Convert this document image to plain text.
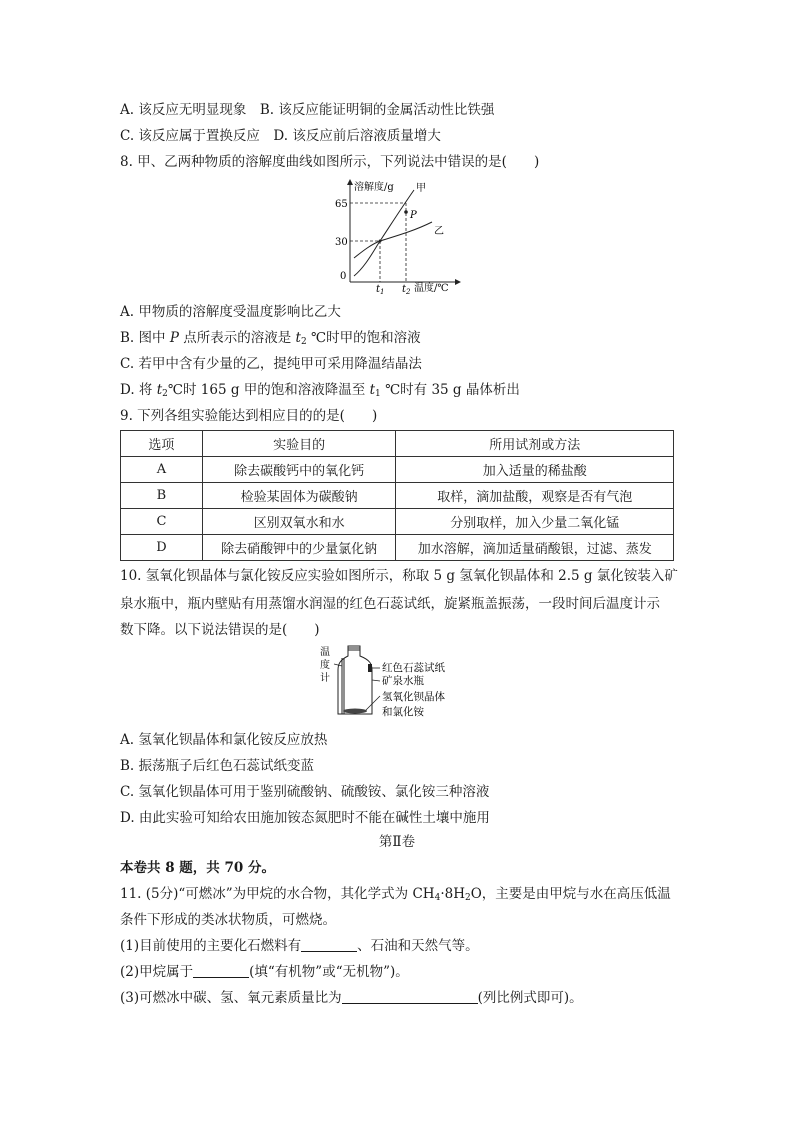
A. 该反应无明显现象　B. 该反应能证明铜的金属活动性比铁强
C. 该反应属于置换反应　D. 该反应前后溶液质量增大
8. 甲、乙两种物质的溶解度曲线如图所示，下列说法中错误的是(　　)
溶解度/g
0
65
30
P
甲
乙
$t_1$ $t_2$ 温度/℃
A. 甲物质的溶解度受温度影响比乙大
B. 图中 P 点所表示的溶液是 $t_2$ ℃时甲的饱和溶液
C. 若甲中含有少量的乙，提纯甲可采用降温结晶法
D. 将 $t_2℃$时 165 g 甲的饱和溶液降温至 $t_1$ ℃时有 35 g 晶体析出
9. 下列各组实验能达到相应目的的是(　　)
选项	实验目的	所用试剂或方法
A	除去碳酸钙中的氧化钙	加入适量的稀盐酸
B	检验某固体为碳酸钠	取样，滴加盐酸，观察是否有气泡
C	区别双氧水和水	分别取样，加入少量二氧化锰
D	除去硝酸钾中的少量氯化钠	加水溶解，滴加适量硝酸银，过滤、蒸发
10. 氢氧化钡晶体与氯化铵反应实验如图所示，称取 5 g 氢氧化钡晶体和 2.5 g 氯化铵装入矿
泉水瓶中，瓶内壁贴有用蒸馏水润湿的红色石蕊试纸，旋紧瓶盖振荡，一段时间后温度计示
数下降。以下说法错误的是(　　)
温
度
计
红色石蕊试纸
矿泉水瓶
氢氧化钡晶体
和氯化铵
A. 氢氧化钡晶体和氯化铵反应放热
B. 振荡瓶子后红色石蕊试纸变蓝
C. 氢氧化钡晶体可用于鉴别硫酸钠、硫酸铵、氯化铵三种溶液
D. 由此实验可知给农田施加铵态氮肥时不能在碱性土壤中施用
第Ⅱ卷
本卷共 8 题，共 70 分。
11. (5分)“可燃冰”为甲烷的水合物，其化学式为 $CH_4\cdot 8H_2O$，主要是由甲烷与水在高压低温
条件下形成的类冰状物质，可燃烧。
(1)目前使用的主要化石燃料有	、石油和天然气等。
(2)甲烷属于	(填“有机物”或“无机物”)。
(3)可燃冰中碳、氢、氧元素质量比为	(列比例式即可)。
